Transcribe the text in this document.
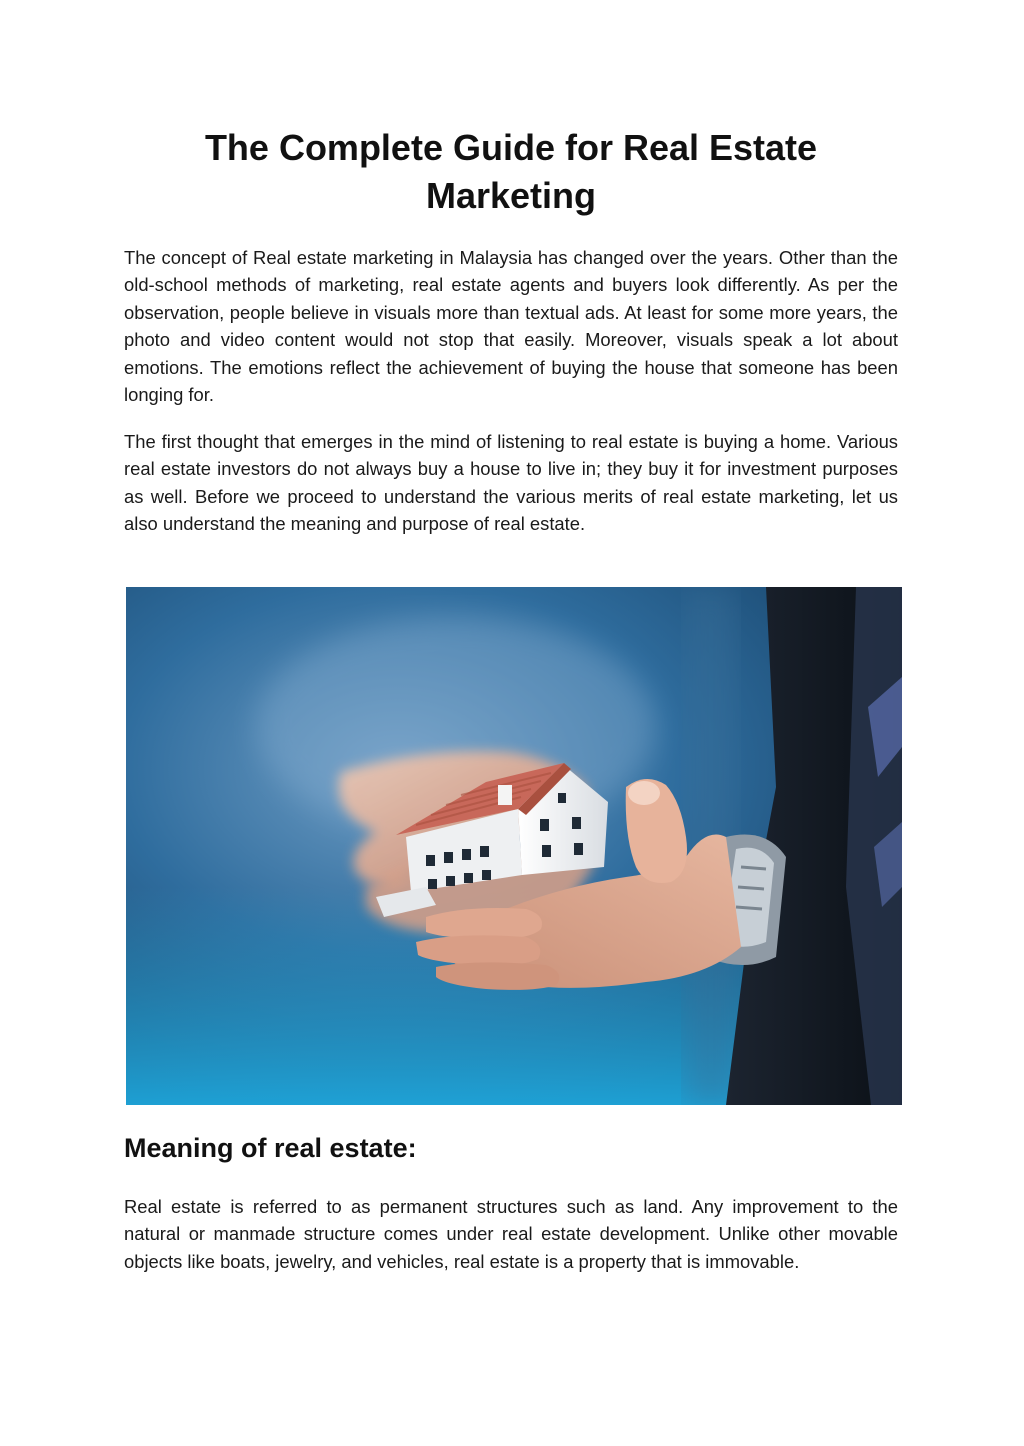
The Complete Guide for Real Estate Marketing

The concept of Real estate marketing in Malaysia has changed over the years. Other than the old-school methods of marketing, real estate agents and buyers look differently. As per the observation, people believe in visuals more than textual ads. At least for some more years, the photo and video content would not stop that easily. Moreover, visuals speak a lot about emotions. The emotions reflect the achievement of buying the house that someone has been longing for.

The first thought that emerges in the mind of listening to real estate is buying a home. Various real estate investors do not always buy a house to live in; they buy it for investment purposes as well. Before we proceed to understand the various merits of real estate marketing, let us also understand the meaning and purpose of real estate.

Meaning of real estate:

Real estate is referred to as permanent structures such as land. Any improvement to the natural or manmade structure comes under real estate development. Unlike other movable objects like boats, jewelry, and vehicles, real estate is a property that is immovable.
